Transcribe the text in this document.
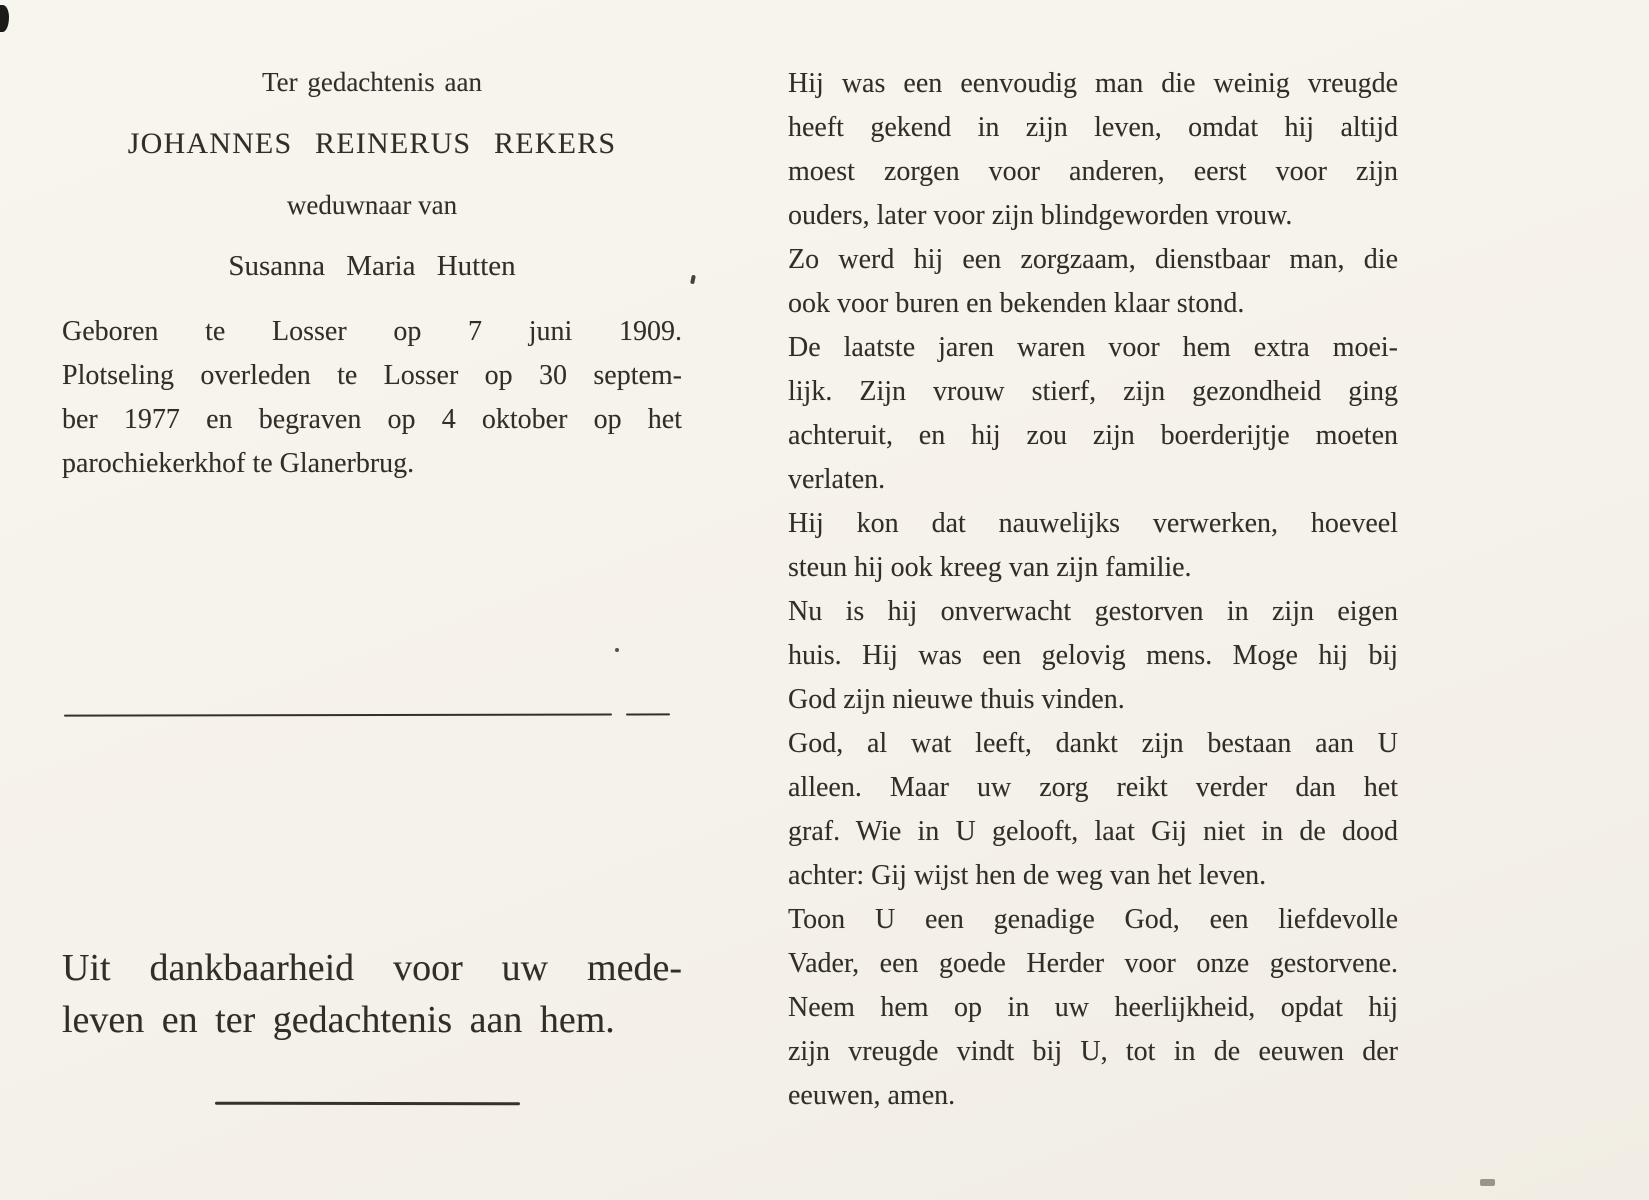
Ter gedachtenis aan
JOHANNES REINERUS REKERS
weduwnaar van
Susanna Maria Hutten
Geboren te Losser op 7 juni 1909.
Plotseling overleden te Losser op 30 septem-
ber 1977 en begraven op 4 oktober op het
parochiekerkhof te Glanerbrug.
Uit dankbaarheid voor uw mede-
leven en ter gedachtenis aan hem.
Hij was een eenvoudig man die weinig vreugde
heeft gekend in zijn leven, omdat hij altijd
moest zorgen voor anderen, eerst voor zijn
ouders, later voor zijn blindgeworden vrouw.
Zo werd hij een zorgzaam, dienstbaar man, die
ook voor buren en bekenden klaar stond.
De laatste jaren waren voor hem extra moei-
lijk. Zijn vrouw stierf, zijn gezondheid ging
achteruit, en hij zou zijn boerderijtje moeten
verlaten.
Hij kon dat nauwelijks verwerken, hoeveel
steun hij ook kreeg van zijn familie.
Nu is hij onverwacht gestorven in zijn eigen
huis. Hij was een gelovig mens. Moge hij bij
God zijn nieuwe thuis vinden.
God, al wat leeft, dankt zijn bestaan aan U
alleen. Maar uw zorg reikt verder dan het
graf. Wie in U gelooft, laat Gij niet in de dood
achter: Gij wijst hen de weg van het leven.
Toon U een genadige God, een liefdevolle
Vader, een goede Herder voor onze gestorvene.
Neem hem op in uw heerlijkheid, opdat hij
zijn vreugde vindt bij U, tot in de eeuwen der
eeuwen, amen.
